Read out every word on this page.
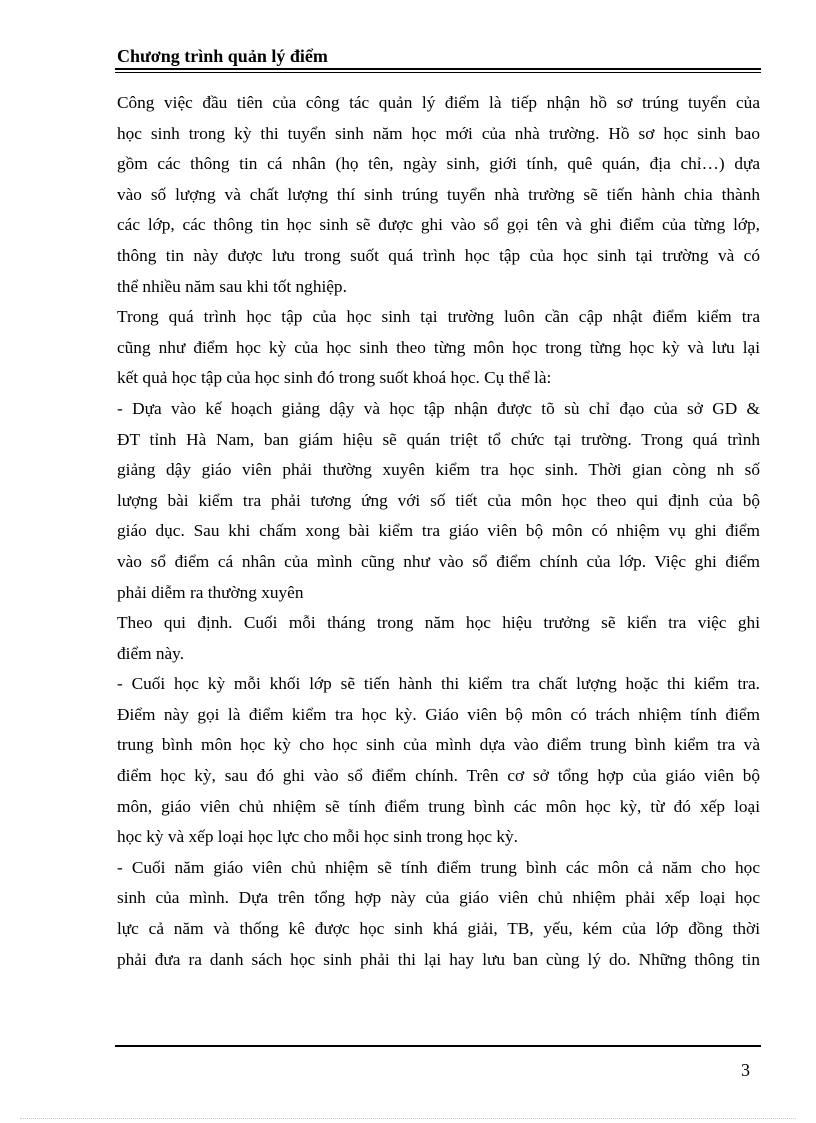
Chương trình quản lý điểm

Công việc đầu tiên của công tác quản lý điểm là tiếp nhận hồ sơ trúng tuyển của

học sinh trong kỳ thi tuyển sinh năm học mới của nhà trường. Hồ sơ học sinh bao

gồm các thông tin cá nhân (họ tên, ngày sinh, giới tính, quê quán, địa chỉ…) dựa

vào số lượng và chất lượng thí sinh trúng tuyển nhà trường sẽ tiến hành chia thành

các lớp, các thông tin học sinh sẽ được ghi vào sổ gọi tên và ghi điểm của từng lớp,

thông tin này được lưu trong suốt quá trình học tập của học sinh tại trường và có

thể nhiều năm sau khi tốt nghiệp.

Trong quá trình học tập của học sinh tại trường luôn cần cập nhật điểm kiểm tra

cũng như điểm học kỳ của học sinh theo từng môn học trong từng học kỳ và lưu lại

kết quả học tập của học sinh đó trong suốt khoá học. Cụ thể là:

- Dựa vào kế hoạch giảng dậy và học tập nhận được tõ sù chỉ đạo của sở GD &

ĐT tỉnh Hà Nam, ban giám hiệu sẽ quán triệt tổ chức tại trường. Trong quá trình

giảng dậy giáo viên phải thường xuyên kiểm tra học sinh. Thời gian còng nh số

lượng bài kiểm tra phải tương ứng với số tiết của môn học theo qui định của bộ

giáo dục. Sau khi chấm xong bài kiểm tra giáo viên bộ môn có nhiệm vụ ghi điểm

vào sổ điểm cá nhân của mình cũng như vào sổ điểm chính của lớp. Việc ghi điểm

phải diễm ra thường xuyên

Theo qui định. Cuối mỗi tháng trong năm học hiệu trưởng sẽ kiển tra việc ghi

điểm này.

- Cuối học kỳ mỗi khối lớp sẽ tiến hành thi kiểm tra chất lượng hoặc thi kiểm tra.

Điểm này gọi là điểm kiểm tra học kỳ. Giáo viên bộ môn có trách nhiệm tính điểm

trung bình môn học kỳ cho học sinh của mình dựa vào điểm trung bình kiểm tra và

điểm học kỳ, sau đó ghi vào sổ điểm chính. Trên cơ sở tổng hợp của giáo viên bộ

môn, giáo viên chủ nhiệm sẽ tính điểm trung bình các môn học kỳ, từ đó xếp loại

học kỳ và xếp loại học lực cho mỗi học sinh trong học kỳ.

- Cuối năm giáo viên chủ nhiệm sẽ tính điểm trung bình các môn cả năm cho học

sinh của mình. Dựa trên tổng hợp này của giáo viên chủ nhiệm phải xếp loại học

lực cả năm và thống kê được học sinh khá giải, TB, yếu, kém của lớp đồng thời

phải đưa ra danh sách học sinh phải thi lại hay lưu ban cùng lý do. Những thông tin

3
